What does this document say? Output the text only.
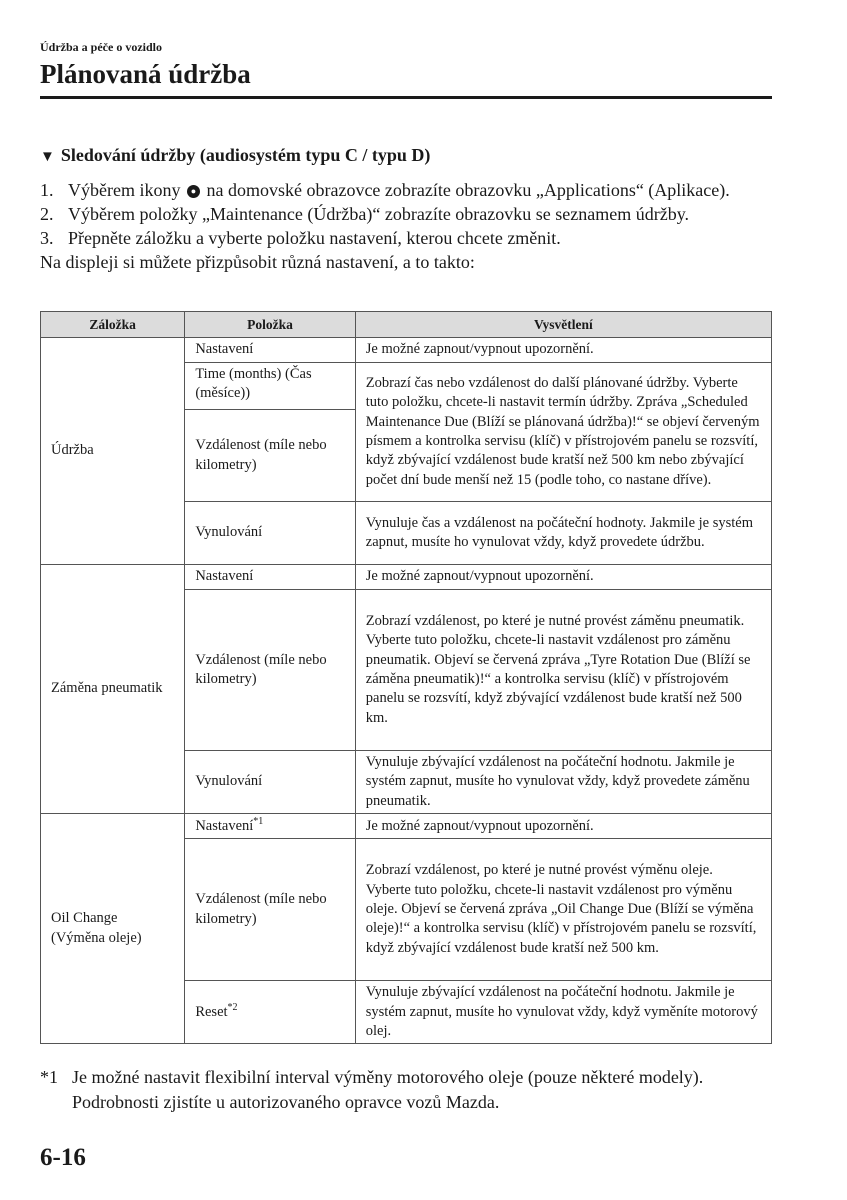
Údržba a péče o vozidlo
Plánovaná údržba
▼ Sledování údržby (audiosystém typu C / typu D)
1. Výběrem ikony ● na domovské obrazovce zobrazíte obrazovku „Applications“ (Aplikace).
2. Výběrem položky „Maintenance (Údržba)“ zobrazíte obrazovku se seznamem údržby.
3. Přepněte záložku a vyberte položku nastavení, kterou chcete změnit.
Na displeji si můžete přizpůsobit různá nastavení, a to takto:
Záložka	Položka	Vysvětlení
Údržba	Nastavení	Je možné zapnout/vypnout upozornění.
	Time (months) (Čas (měsíce))	Zobrazí čas nebo vzdálenost do další plánované údržby. Vyberte tuto položku, chcete-li nastavit termín údržby. Zpráva „Scheduled Maintenance Due (Blíží se plánovaná údržba)!“ se objeví červeným písmem a kontrolka servisu (klíč) v přístrojovém panelu se rozsvítí, když zbývající vzdálenost bude kratší než 500 km nebo zbývající počet dní bude menší než 15 (podle toho, co nastane dříve).
	Vzdálenost (míle nebo kilometry)	
	Vynulování	Vynuluje čas a vzdálenost na počáteční hodnoty. Jakmile je systém zapnut, musíte ho vynulovat vždy, když provedete údržbu.
Záměna pneumatik	Nastavení	Je možné zapnout/vypnout upozornění.
	Vzdálenost (míle nebo kilometry)	Zobrazí vzdálenost, po které je nutné provést záměnu pneumatik. Vyberte tuto položku, chcete-li nastavit vzdálenost pro záměnu pneumatik. Objeví se červená zpráva „Tyre Rotation Due (Blíží se záměna pneumatik)!“ a kontrolka servisu (klíč) v přístrojovém panelu se rozsvítí, když zbývající vzdálenost bude kratší než 500 km.
	Vynulování	Vynuluje zbývající vzdálenost na počáteční hodnotu. Jakmile je systém zapnut, musíte ho vynulovat vždy, když provedete záměnu pneumatik.
Oil Change (Výměna oleje)	Nastavení$^{*1}$	Je možné zapnout/vypnout upozornění.
	Vzdálenost (míle nebo kilometry)	Zobrazí vzdálenost, po které je nutné provést výměnu oleje. Vyberte tuto položku, chcete-li nastavit vzdálenost pro výměnu oleje. Objeví se červená zpráva „Oil Change Due (Blíží se výměna oleje)!“ a kontrolka servisu (klíč) v přístrojovém panelu se rozsvítí, když zbývající vzdálenost bude kratší než 500 km.
	Reset$^{*2}$	Vynuluje zbývající vzdálenost na počáteční hodnotu. Jakmile je systém zapnut, musíte ho vynulovat vždy, když vyměníte motorový olej.
*1 Je možné nastavit flexibilní interval výměny motorového oleje (pouze některé modely). Podrobnosti zjistíte u autorizovaného opravce vozů Mazda.
6-16
